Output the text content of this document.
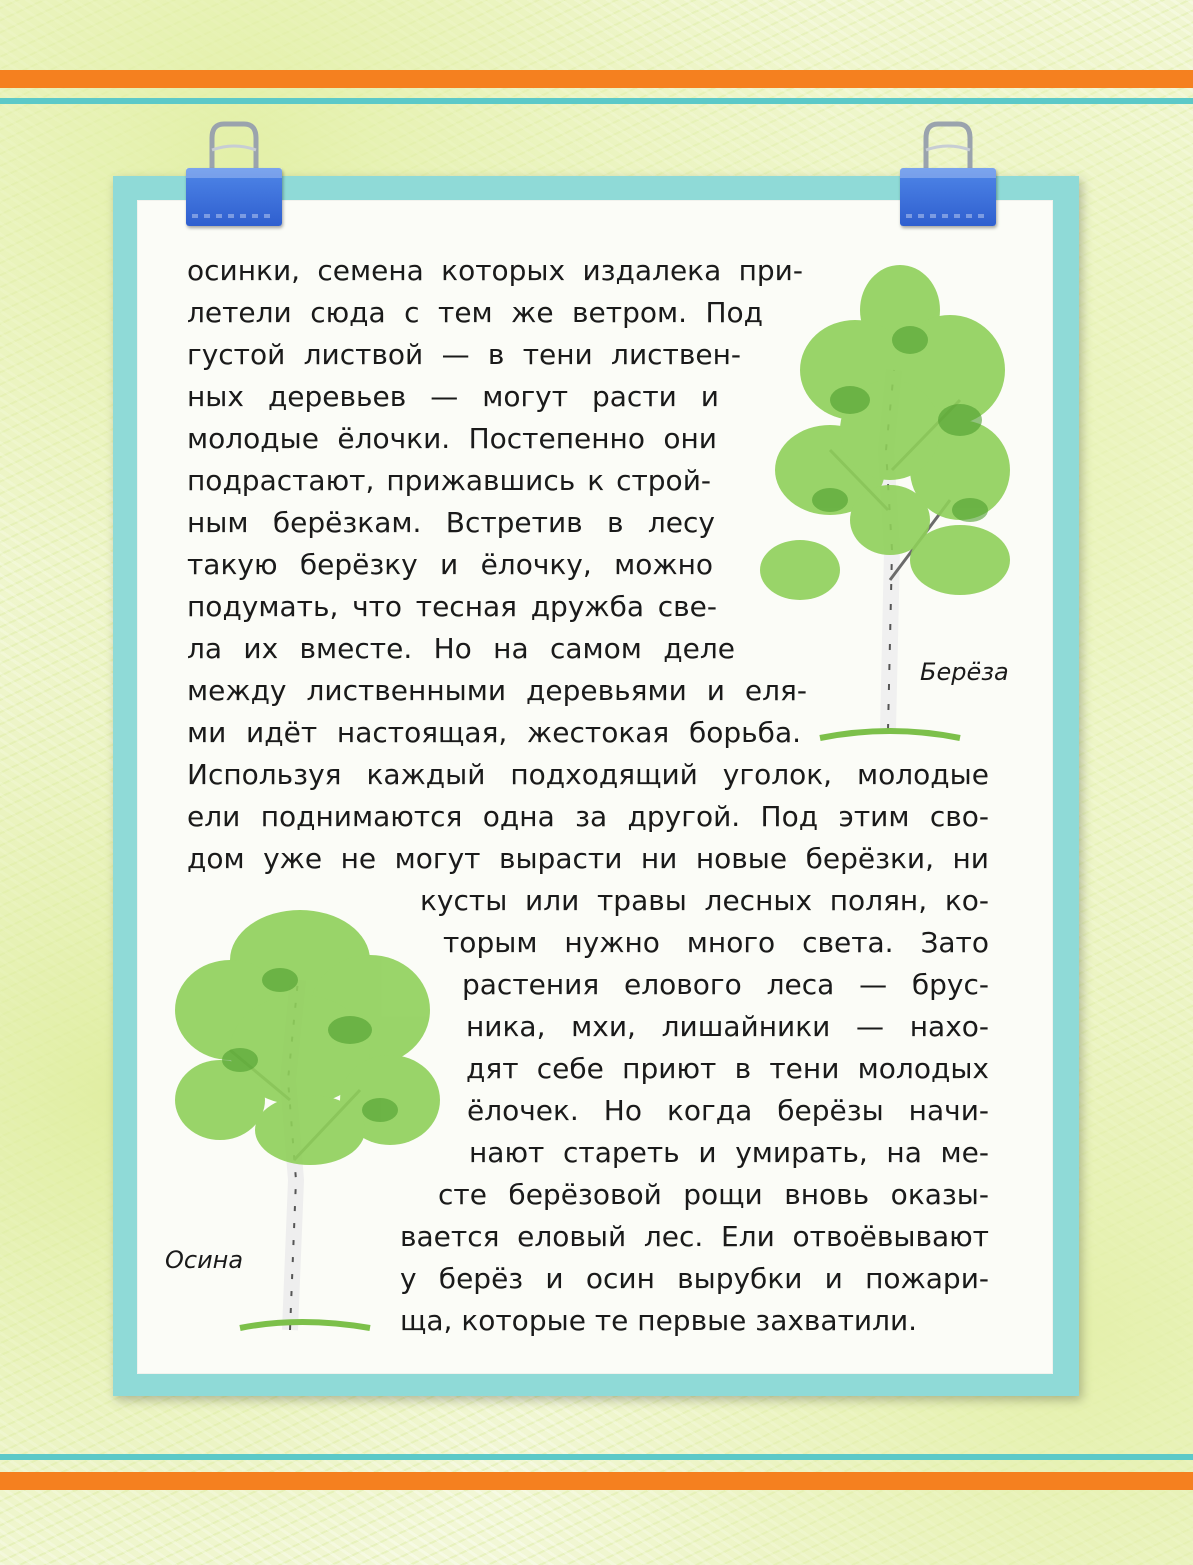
Берёза
Осина

осинки, семена которых издалека при-

летели сюда с тем же ветром. Под

густой листвой — в тени листвен-

ных деревьев — могут расти и

молодые ёлочки. Постепенно они

подрастают, прижавшись к строй-

ным берёзкам. Встретив в лесу

такую берёзку и ёлочку, можно

подумать, что тесная дружба све-

ла их вместе. Но на самом деле

между лиственными деревьями и еля-

ми идёт настоящая, жестокая борьба.

Используя каждый подходящий уголок, молодые

ели поднимаются одна за другой. Под этим сво-

дом уже не могут вырасти ни новые берёзки, ни

кусты или травы лесных полян, ко-

торым нужно много света. Зато

растения елового леса — брус-

ника, мхи, лишайники — нахо-

дят себе приют в тени молодых

ёлочек. Но когда берёзы начи-

нают стареть и умирать, на ме-

сте берёзовой рощи вновь оказы-

вается еловый лес. Ели отвоёвывают

у берёз и осин вырубки и пожари-

ща, которые те первые захватили.
